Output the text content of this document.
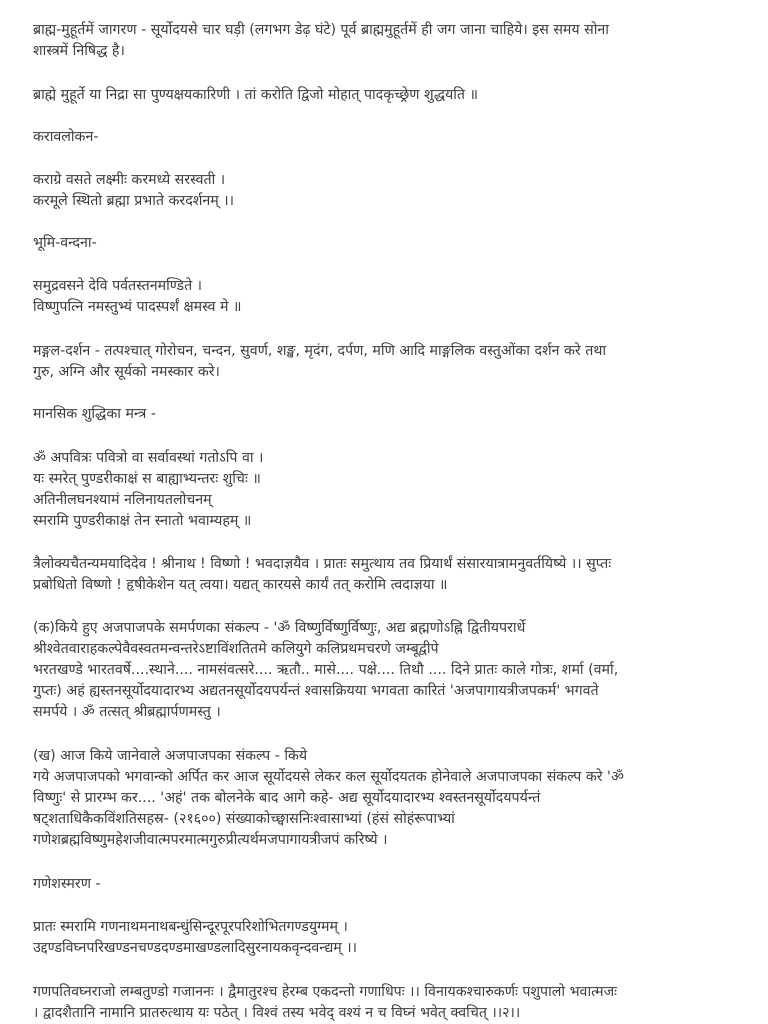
ब्राह्म-मुहूर्तमें जागरण - सूर्योदयसे चार घड़ी (लगभग डेढ़ घंटे) पूर्व ब्राह्ममुहूर्तमें ही जग जाना चाहिये। इस समय सोना
शास्त्रमें निषिद्ध है।
ब्राह्मे मुहूर्ते या निद्रा सा पुण्यक्षयकारिणी । तां करोति द्विजो मोहात् पादकृच्छ्रेण शुद्धयति ॥
करावलोकन-
कराग्रे वसते लक्ष्मीः करमध्ये सरस्वती ।
करमूले स्थितो ब्रह्मा प्रभाते करदर्शनम् ।।
भूमि-वन्दना-
समुद्रवसने देवि पर्वतस्तनमण्डिते ।
विष्णुपत्नि नमस्तुभ्यं पादस्पर्शं क्षमस्व मे ॥
मङ्गल-दर्शन - तत्पश्चात् गोरोचन, चन्दन, सुवर्ण, शङ्ख, मृदंग, दर्पण, मणि आदि माङ्गलिक वस्तुओंका दर्शन करे तथा
गुरु, अग्नि और सूर्यको नमस्कार करे।
मानसिक शुद्धिका मन्त्र -
ॐ अपवित्रः पवित्रो वा सर्वावस्थां गतोऽपि वा ।
यः स्मरेत् पुण्डरीकाक्षं स बाह्याभ्यन्तरः शुचिः ॥
अतिनीलघनश्यामं नलिनायतलोचनम्
स्मरामि पुण्डरीकाक्षं तेन स्नातो भवाम्यहम् ॥
त्रैलोक्यचैतन्यमयादिदेव ! श्रीनाथ ! विष्णो ! भवदाज्ञयैव । प्रातः समुत्थाय तव प्रियार्थं संसारयात्रामनुवर्तयिष्ये ।। सुप्तः
प्रबोधितो विष्णो ! हृषीकेशेन यत् त्वया। यद्यत् कारयसे कार्यं तत् करोमि त्वदाज्ञया ॥
(क)किये हुए अजपाजपके समर्पणका संकल्प - 'ॐ विष्णुर्विष्णुर्विष्णुः, अद्य ब्रह्मणोऽह्नि द्वितीयपरार्धे
श्रीश्वेतवाराहकल्पेवैवस्वतमन्वन्तरेऽष्टाविंशतितमे कलियुगे कलिप्रथमचरणे जम्बूद्वीपे
भरतखण्डे भारतवर्षे....स्थाने.... नामसंवत्सरे.... ऋतौ.. मासे.... पक्षे.... तिथौ .... दिने प्रातः काले गोत्रः, शर्मा (वर्मा,
गुप्तः) अहं ह्यस्तनसूर्योदयादारभ्य अद्यतनसूर्योदयपर्यन्तं श्वासक्रियया भगवता कारितं 'अजपागायत्रीजपकर्म' भगवते
समर्पये । ॐ तत्सत् श्रीब्रह्मार्पणमस्तु ।
(ख) आज किये जानेवाले अजपाजपका संकल्प - किये
गये अजपाजपको भगवान्को अर्पित कर आज सूर्योदयसे लेकर कल सूर्योदयतक होनेवाले अजपाजपका संकल्प करे 'ॐ
विष्णुः' से प्रारम्भ कर.... 'अहं' तक बोलनेके बाद आगे कहे- अद्य सूर्योदयादारभ्य श्वस्तनसूर्योदयपर्यन्तं
षट्शताधिकैकविंशतिसहस्र- (२१६००) संख्याकोच्छ्वासनिःश्वासाभ्यां (हंसं सोहंरूपाभ्यां
गणेशब्रह्मविष्णुमहेशजीवात्मपरमात्मगुरुप्रीत्यर्थमजपागायत्रीजपं करिष्ये ।
गणेशस्मरण -
प्रातः स्मरामि गणनाथमनाथबन्धुंसिन्दूरपूरपरिशोभितगण्डयुग्मम् ।
उद्दण्डविघ्नपरिखण्डनचण्डदण्डमाखण्डलादिसुरनायकवृन्दवन्द्यम् ।।
गणपतिवघ्नराजो लम्बतुण्डो गजाननः । द्वैमातुरश्च हेरम्ब एकदन्तो गणाधिपः ।। विनायकश्चारुकर्णः पशुपालो भवात्मजः
। द्वादशैतानि नामानि प्रातरुत्थाय यः पठेत् । विश्वं तस्य भवेद् वश्यं न च विघ्नं भवेत् क्वचित् ।।२।।
